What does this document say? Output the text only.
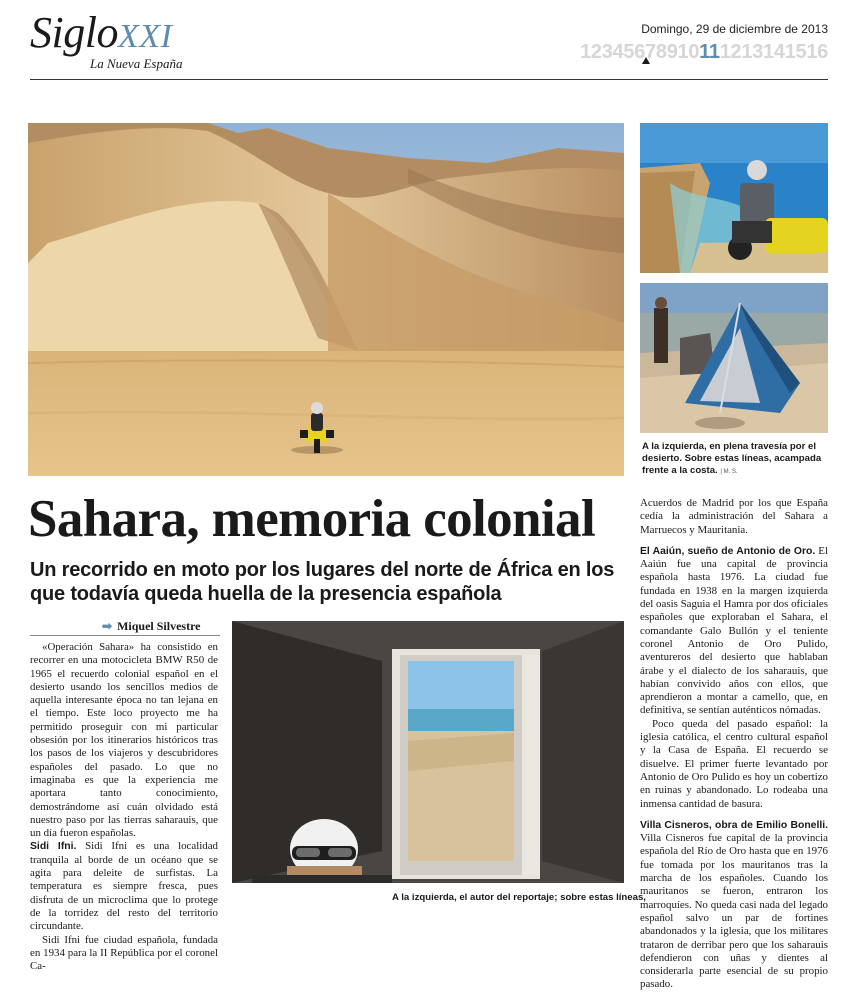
SigloXXI
La Nueva España
Domingo, 29 de diciembre de 2013
1 2 3 4 5 6 7 8 9 10 11 12 13 14 15 16
A la izquierda, en plena travesía por el desierto. Sobre estas líneas, acampada frente a la costa. | M. S.
Sahara, memoria colonial
Un recorrido en moto por los lugares del norte de África en los que todavía queda huella de la presencia española
➡ Miquel Silvestre

«Operación Sahara» ha consistido en recorrer en una motocicleta BMW R50 de 1965 el recuerdo colonial español en el desierto usando los sencillos medios de aquella interesante época no tan lejana en el tiempo. Este loco proyecto me ha permitido proseguir con mi particular obsesión por los itinerarios históricos tras los pasos de los viajeros y descubridores españoles del pasado. Lo que no imaginaba es que la experiencia me aportara tanto conocimiento, demostrándome así cuán olvidado está nuestro paso por las tierras saharauis, que un día fueron españolas.

Sidi Ifni. Sidi Ifni es una localidad tranquila al borde de un océano que se agita para deleite de surfistas. La temperatura es siempre fresca, pues disfruta de un microclima que lo protege de la torridez del resto del territorio circundante.

Sidi Ifni fue ciudad española, fundada en 1934 para la II República por el coronel Ca-

A la izquierda, el autor del reportaje; sobre estas líneas,

Acuerdos de Madrid por los que España cedía la administración del Sahara a Marruecos y Mauritania.

El Aaiún, sueño de Antonio de Oro. El Aaiún fue una capital de provincia española hasta 1976. La ciudad fue fundada en 1938 en la margen izquierda del oasis Saguia el Hamra por dos oficiales españoles que exploraban el Sahara, el comandante Galo Bullón y el teniente coronel Antonio de Oro Pulido, aventureros del desierto que hablaban árabe y el dialecto de los saharauis, que habían convivido años con ellos, que aprendieron a montar a camello, que, en definitiva, se sentían auténticos nómadas.

Poco queda del pasado español: la iglesia católica, el centro cultural español y la Casa de España. El recuerdo se disuelve. El primer fuerte levantado por Antonio de Oro Pulido es hoy un cobertizo en ruinas y abandonado. Lo rodeaba una inmensa cantidad de basura.

Villa Cisneros, obra de Emilio Bonelli. Villa Cisneros fue capital de la provincia española del Río de Oro hasta que en 1976 fue tomada por los mauritanos tras la marcha de los españoles. Cuando los mauritanos se fueron, entraron los marroquíes. No queda casi nada del legado español salvo un par de fortines abandonados y la iglesia, que los militares trataron de derribar pero que los saharauis defendieron con uñas y dientes al considerarla parte esencial de su propio pasado.
